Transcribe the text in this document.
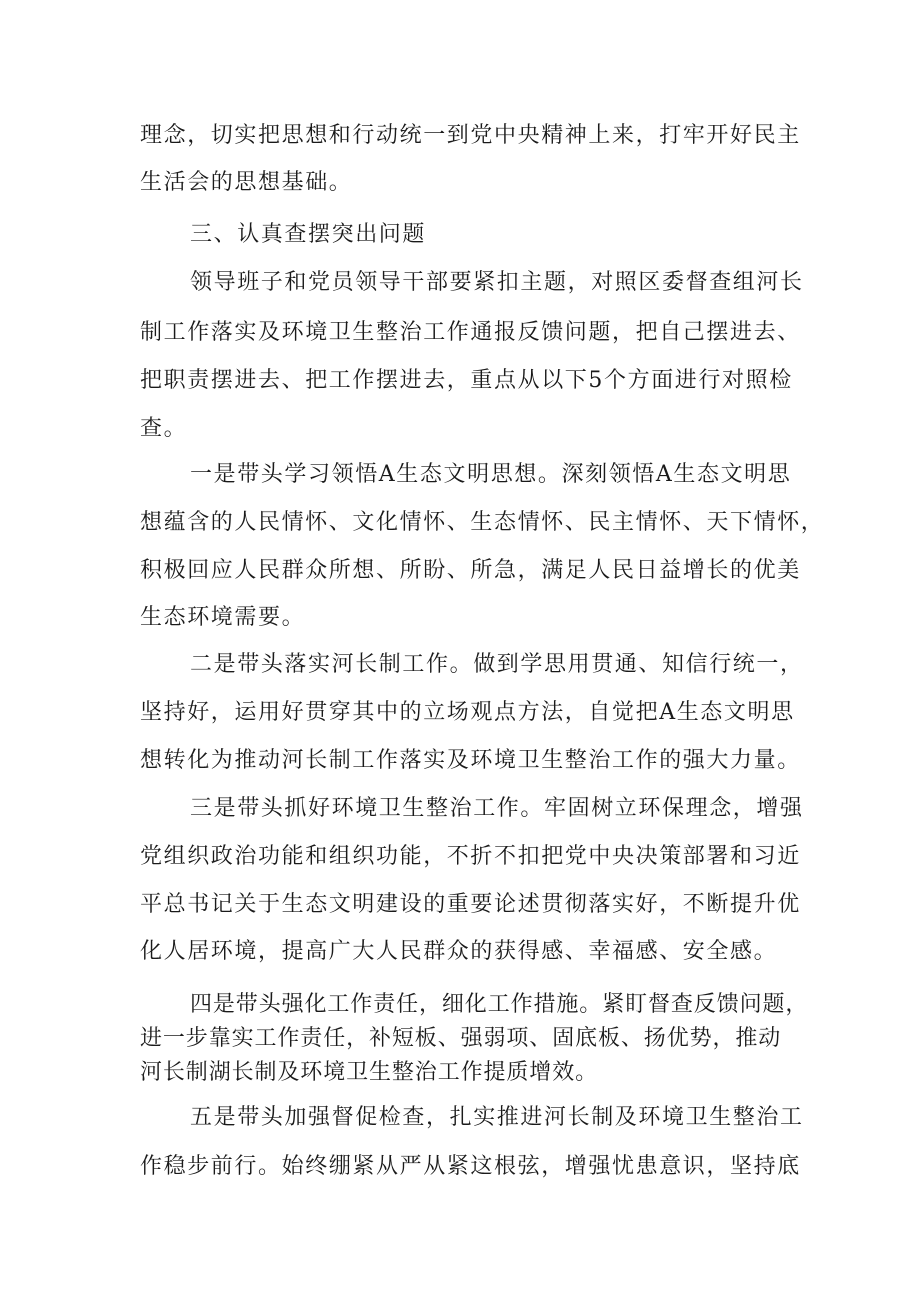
理念，切实把思想和行动统一到党中央精神上来，打牢开好民主
生活会的思想基础。
三、认真查摆突出问题
领导班子和党员领导干部要紧扣主题，对照区委督查组河长
制工作落实及环境卫生整治工作通报反馈问题，把自己摆进去、
把职责摆进去、把工作摆进去，重点从以下5个方面进行对照检
查。
一是带头学习领悟A生态文明思想。深刻领悟A生态文明思
想蕴含的人民情怀、文化情怀、生态情怀、民主情怀、天下情怀，
积极回应人民群众所想、所盼、所急，满足人民日益增长的优美
生态环境需要。
二是带头落实河长制工作。做到学思用贯通、知信行统一，
坚持好，运用好贯穿其中的立场观点方法，自觉把A生态文明思
想转化为推动河长制工作落实及环境卫生整治工作的强大力量。
三是带头抓好环境卫生整治工作。牢固树立环保理念，增强
党组织政治功能和组织功能，不折不扣把党中央决策部署和习近
平总书记关于生态文明建设的重要论述贯彻落实好，不断提升优
化人居环境，提高广大人民群众的获得感、幸福感、安全感。
四是带头强化工作责任，细化工作措施。紧盯督查反馈问题，
进一步靠实工作责任，补短板、强弱项、固底板、扬优势，推动
河长制湖长制及环境卫生整治工作提质增效。
五是带头加强督促检查，扎实推进河长制及环境卫生整治工
作稳步前行。始终绷紧从严从紧这根弦，增强忧患意识，坚持底
